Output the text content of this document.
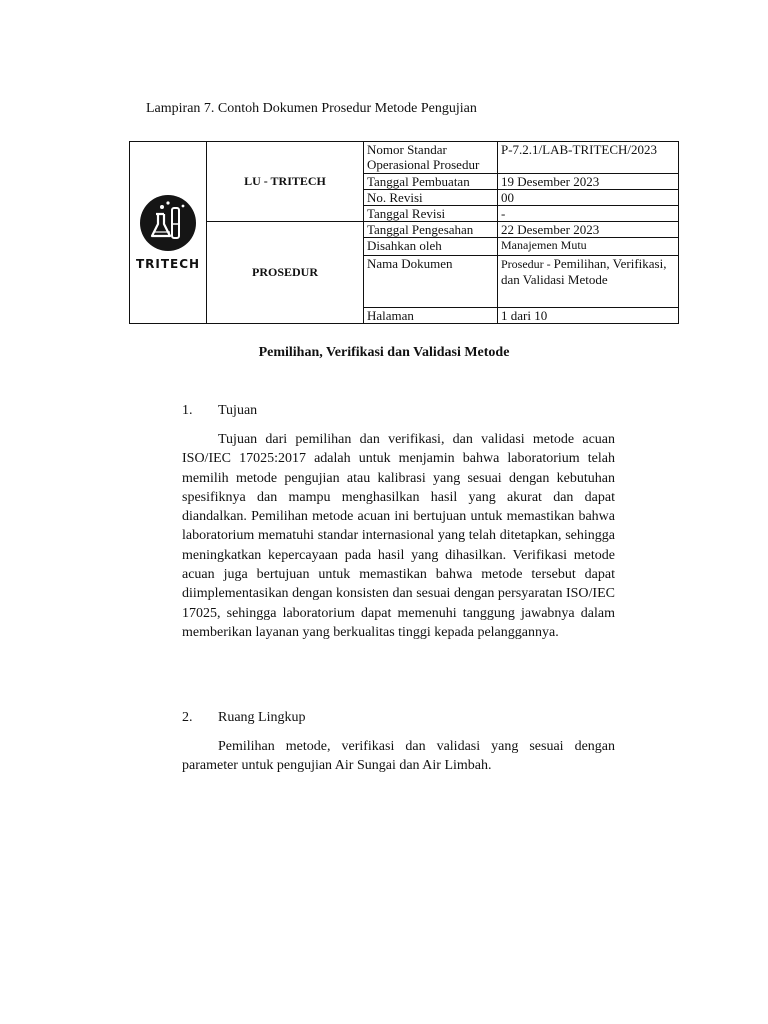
Lampiran 7. Contoh Dokumen Prosedur Metode Pengujian
TRITECH	LU - TRITECH	Nomor Standar Operasional Prosedur	P-7.2.1/LAB-TRITECH/2023
		Tanggal Pembuatan	19 Desember 2023
		No. Revisi	00
		Tanggal Revisi	-
	PROSEDUR	Tanggal Pengesahan	22 Desember 2023
		Disahkan oleh	Manajemen Mutu
		Nama Dokumen	Prosedur - Pemilihan, Verifikasi, dan Validasi Metode
		Halaman	1 dari 10
Pemilihan, Verifikasi dan Validasi Metode
1. Tujuan
Tujuan dari pemilihan dan verifikasi, dan validasi metode acuan ISO/IEC 17025:2017 adalah untuk menjamin bahwa laboratorium telah memilih metode pengujian atau kalibrasi yang sesuai dengan kebutuhan spesifiknya dan mampu menghasilkan hasil yang akurat dan dapat diandalkan. Pemilihan metode acuan ini bertujuan untuk memastikan bahwa laboratorium mematuhi standar internasional yang telah ditetapkan, sehingga meningkatkan kepercayaan pada hasil yang dihasilkan. Verifikasi metode acuan juga bertujuan untuk memastikan bahwa metode tersebut dapat diimplementasikan dengan konsisten dan sesuai dengan persyaratan ISO/IEC 17025, sehingga laboratorium dapat memenuhi tanggung jawabnya dalam memberikan layanan yang berkualitas tinggi kepada pelanggannya.
2. Ruang Lingkup
Pemilihan metode, verifikasi dan validasi yang sesuai dengan parameter untuk pengujian Air Sungai dan Air Limbah.
